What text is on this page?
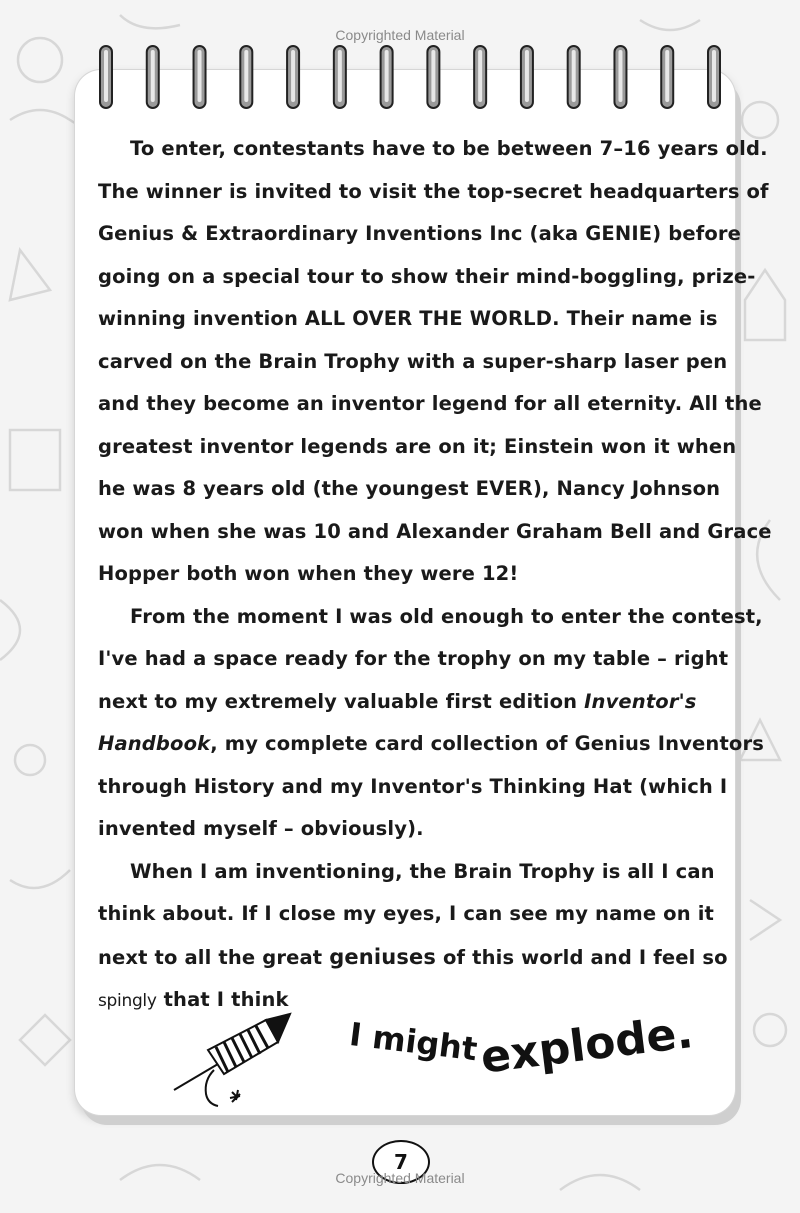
Copyrighted Material
To enter, contestants have to be between 7–16 years old.
The winner is invited to visit the top-secret headquarters of
Genius & Extraordinary Inventions Inc (aka GENIE) before
going on a special tour to show their mind-boggling, prize-
winning invention ALL OVER THE WORLD. Their name is
carved on the Brain Trophy with a super-sharp laser pen
and they become an inventor legend for all eternity. All the
greatest inventor legends are on it; Einstein won it when
he was 8 years old (the youngest EVER), Nancy Johnson
won when she was 10 and Alexander Graham Bell and Grace
Hopper both won when they were 12!
From the moment I was old enough to enter the contest,
I've had a space ready for the trophy on my table – right
next to my extremely valuable first edition Inventor's
Handbook, my complete card collection of Genius Inventors
through History and my Inventor's Thinking Hat (which I
invented myself – obviously).
When I am inventioning, the Brain Trophy is all I can
think about. If I close my eyes, I can see my name on it
next to all the great geniuses of this world and I feel so
spingly that I think
I might
explode.
7
Copyrighted Material
